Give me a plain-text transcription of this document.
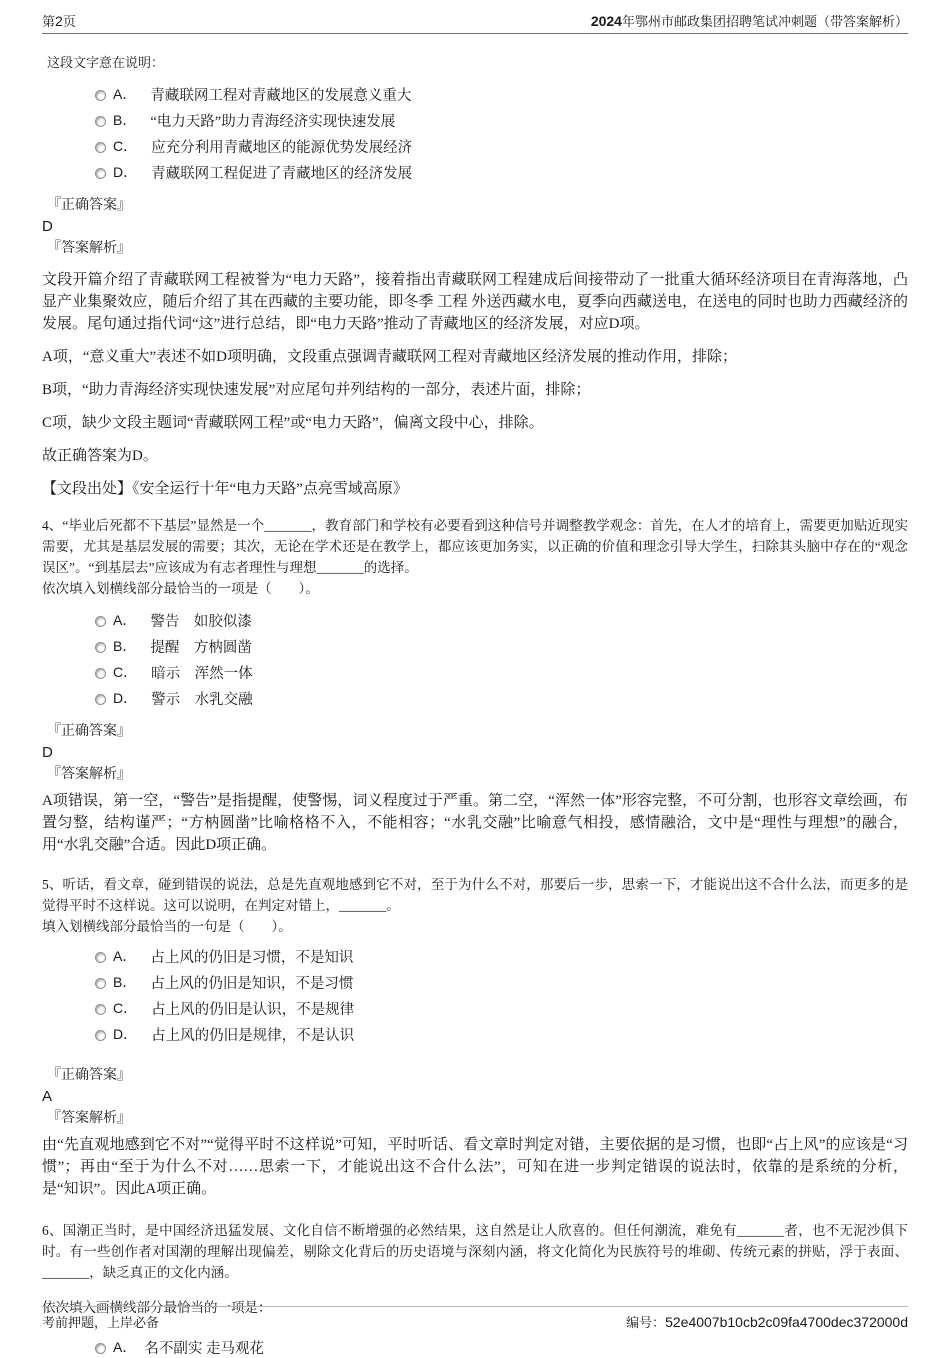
第2页	2024年鄂州市邮政集团招聘笔试冲刺题（带答案解析）

这段文字意在说明：

A． 青藏联网工程对青藏地区的发展意义重大
B． “电力天路”助力青海经济实现快速发展
C． 应充分利用青藏地区的能源优势发展经济
D． 青藏联网工程促进了青藏地区的经济发展
『正确答案』
D
『答案解析』

文段开篇介绍了青藏联网工程被誉为“电力天路”，接着指出青藏联网工程建成后间接带动了一批重大循环经济项目在青海落地，凸显产业集聚效应，随后介绍了其在西藏的主要功能，即冬季 工程 外送西藏水电，夏季向西藏送电，在送电的同时也助力西藏经济的发展。尾句通过指代词“这”进行总结，即“电力天路”推动了青藏地区的经济发展，对应D项。

A项，“意义重大”表述不如D项明确，文段重点强调青藏联网工程对青藏地区经济发展的推动作用，排除；

B项，“助力青海经济实现快速发展”对应尾句并列结构的一部分，表述片面，排除；

C项，缺少文段主题词“青藏联网工程”或“电力天路”，偏离文段中心，排除。

故正确答案为D。

【文段出处】《安全运行十年“电力天路”点亮雪域高原》

4、“毕业后死都不下基层”显然是一个_______，教育部门和学校有必要看到这种信号并调整教学观念：首先，在人才的培育上，需要更加贴近现实需要，尤其是基层发展的需要；其次，无论在学术还是在教学上，都应该更加务实，以正确的价值和理念引导大学生，扫除其头脑中存在的“观念误区”。“到基层去”应该成为有志者理性与理想_______的选择。

依次填入划横线部分最恰当的一项是（　　）。

A． 警告　如胶似漆
B． 提醒　方枘圆凿
C． 暗示　浑然一体
D． 警示　水乳交融
『正确答案』
D
『答案解析』

A项错误，第一空，“警告”是指提醒，使警惕，词义程度过于严重。第二空，“浑然一体”形容完整，不可分割，也形容文章绘画，布置匀整，结构谨严；“方枘圆凿”比喻格格不入，不能相容；“水乳交融”比喻意气相投，感情融洽，文中是“理性与理想”的融合，用“水乳交融”合适。因此D项正确。

5、听话，看文章，碰到错误的说法，总是先直观地感到它不对，至于为什么不对，那要后一步，思索一下，才能说出这不合什么法，而更多的是觉得平时不这样说。这可以说明，在判定对错上，_______。

填入划横线部分最恰当的一句是（　　）。

A． 占上风的仍旧是习惯，不是知识
B． 占上风的仍旧是知识，不是习惯
C． 占上风的仍旧是认识，不是规律
D． 占上风的仍旧是规律，不是认识
『正确答案』
A
『答案解析』

由“先直观地感到它不对”“觉得平时不这样说”可知，平时听话、看文章时判定对错，主要依据的是习惯，也即“占上风”的应该是“习惯”；再由“至于为什么不对……思索一下，才能说出这不合什么法”，可知在进一步判定错误的说法时，依靠的是系统的分析，是“知识”。因此A项正确。

6、国潮正当时，是中国经济迅猛发展、文化自信不断增强的必然结果，这自然是让人欣喜的。但任何潮流，难免有_______者，也不无泥沙俱下时。有一些创作者对国潮的理解出现偏差，剔除文化背后的历史语境与深刻内涵，将文化简化为民族符号的堆砌、传统元素的拼贴，浮于表面、_______，缺乏真正的文化内涵。

依次填入画横线部分最恰当的一项是：

A． 名不副实 走马观花
考前押题，上岸必备	编号：52e4007b10cb2c09fa4700dec372000d
